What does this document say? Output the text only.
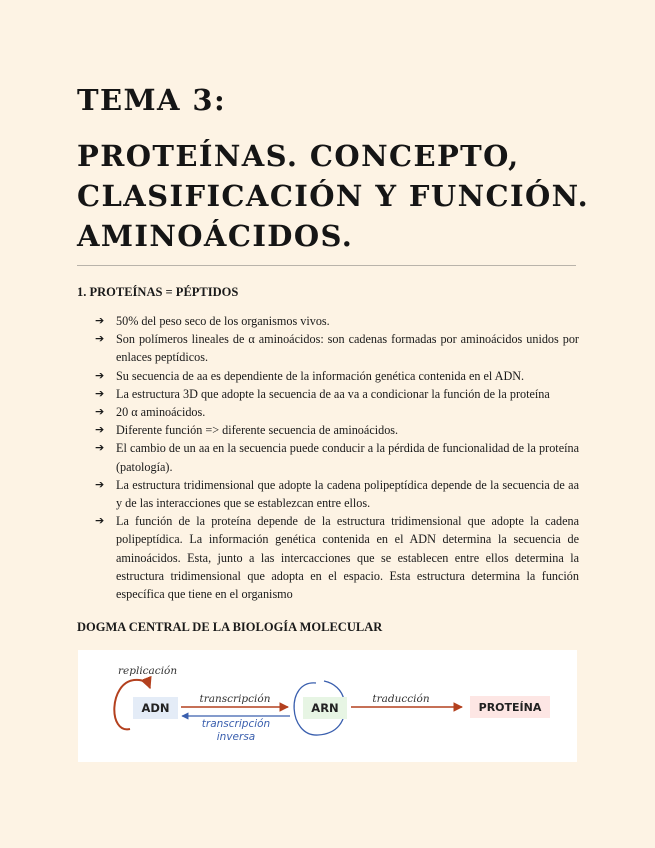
TEMA 3:
PROTEÍNAS. CONCEPTO, CLASIFICACIÓN Y FUNCIÓN. AMINOÁCIDOS.
1. PROTEÍNAS = PÉPTIDOS
➔ 50% del peso seco de los organismos vivos.
➔ Son polímeros lineales de α aminoácidos: son cadenas formadas por aminoácidos unidos por enlaces peptídicos.
➔ Su secuencia de aa es dependiente de la información genética contenida en el ADN.
➔ La estructura 3D que adopte la secuencia de aa va a condicionar la función de la proteína
➔ 20 α aminoácidos.
➔ Diferente función => diferente secuencia de aminoácidos.
➔ El cambio de un aa en la secuencia puede conducir a la pérdida de funcionalidad de la proteína (patología).
➔ La estructura tridimensional que adopte la cadena polipeptídica depende de la secuencia de aa y de las interacciones que se establezcan entre ellos.
➔ La función de la proteína depende de la estructura tridimensional que adopte la cadena polipeptídica. La información genética contenida en el ADN determina la secuencia de aminoácidos. Esta, junto a las intercacciones que se establecen entre ellos determina la estructura tridimensional que adopta en el espacio. Esta estructura determina la función específica que tiene en el organismo
DOGMA CENTRAL DE LA BIOLOGÍA MOLECULAR
replicación
ADN
transcripción
transcripción
inversa
ARN
traducción
PROTEÍNA
